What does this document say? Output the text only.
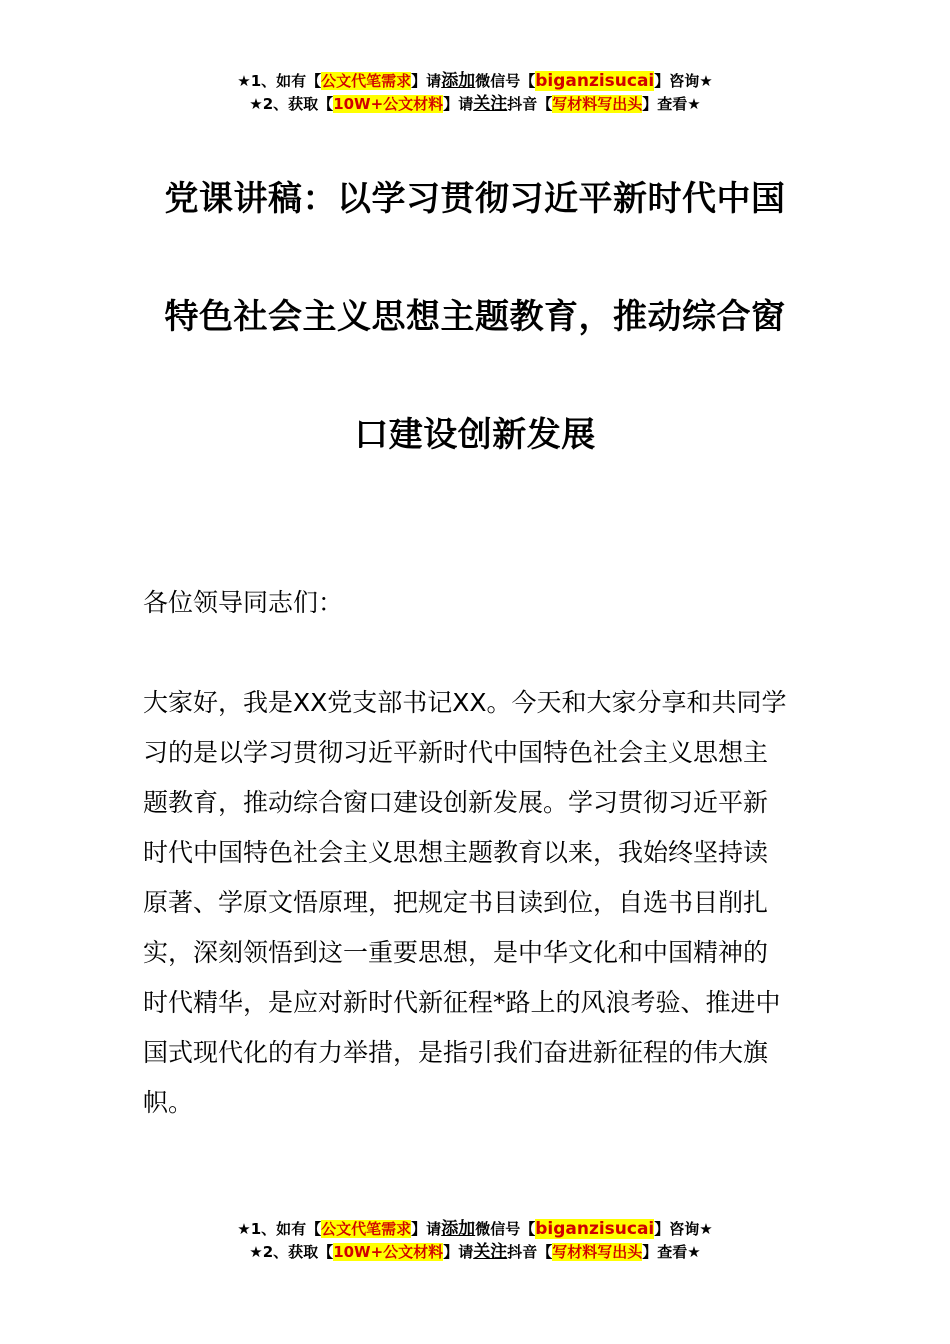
★1、如有【公文代笔需求】请添加微信号【biganzisucai】咨询★
★2、获取【10W+公文材料】请关注抖音【写材料写出头】查看★
党课讲稿：以学习贯彻习近平新时代中国
特色社会主义思想主题教育，推动综合窗
口建设创新发展
各位领导同志们：
大家好，我是XX党支部书记XX。今天和大家分享和共同学
习的是以学习贯彻习近平新时代中国特色社会主义思想主
题教育，推动综合窗口建设创新发展。学习贯彻习近平新
时代中国特色社会主义思想主题教育以来，我始终坚持读
原著、学原文悟原理，把规定书目读到位，自选书目削扎
实，深刻领悟到这一重要思想，是中华文化和中国精神的
时代精华，是应对新时代新征程*路上的风浪考验、推进中
国式现代化的有力举措，是指引我们奋进新征程的伟大旗
帜。
★1、如有【公文代笔需求】请添加微信号【biganzisucai】咨询★
★2、获取【10W+公文材料】请关注抖音【写材料写出头】查看★
